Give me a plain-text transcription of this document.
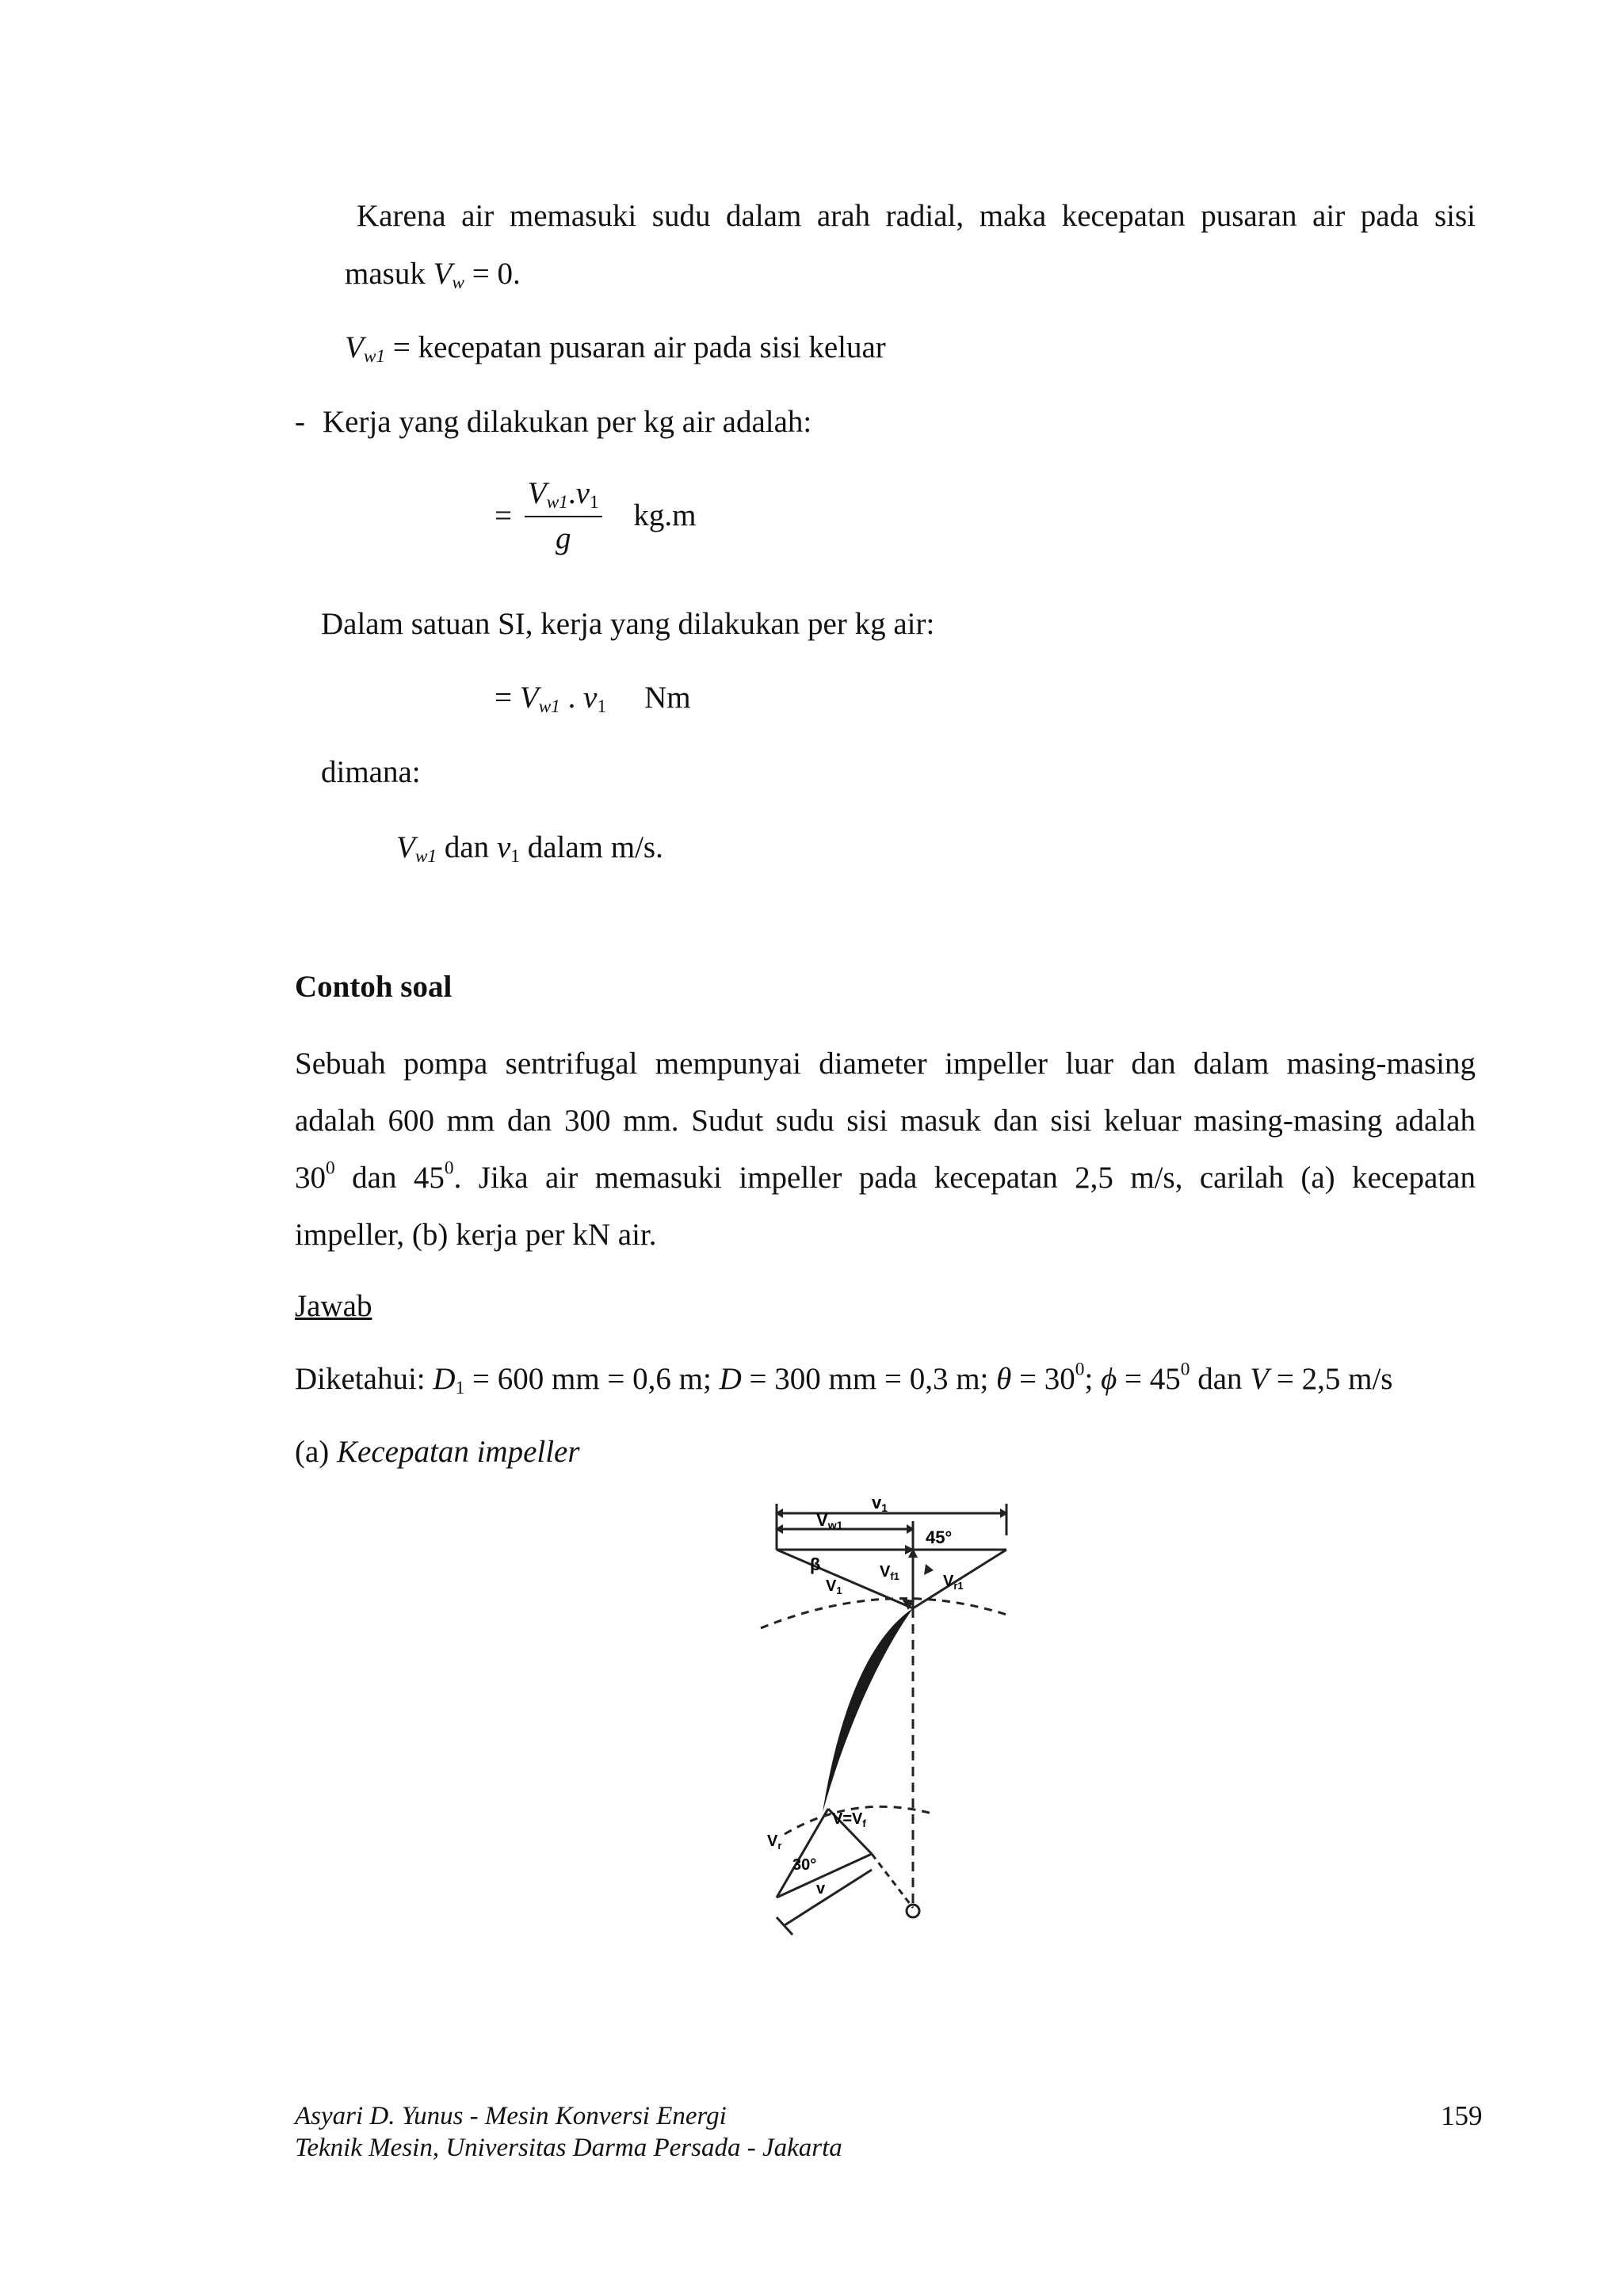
Karena air memasuki sudu dalam arah radial, maka kecepatan pusaran air pada sisi
masuk $V_w = 0$.
$V_{w1}$ = kecepatan pusaran air pada sisi keluar
- Kerja yang dilakukan per kg air adalah:
= $\frac{V_{w1}.v_1}{g} kg.m$
Dalam satuan SI, kerja yang dilakukan per kg air:
= $V_{w1}$ . $v_1$ Nm
dimana:
$V_{w1}$ dan $v_1$ dalam m/s.
Contoh soal
Sebuah pompa sentrifugal mempunyai diameter impeller luar dan dalam masing-masing
adalah 600 mm dan 300 mm. Sudut sudu sisi masuk dan sisi keluar masing-masing adalah
$30^0$ dan $45^0$. Jika air memasuki impeller pada kecepatan 2,5 m/s, carilah (a) kecepatan
impeller, (b) kerja per kN air.
Jawab
Diketahui: $D_1 = 600$ mm = 0,6 m; D = 300 mm = 0,3 m; $\theta = 30^0$; $\phi = 45^0$ dan V = 2,5 m/s
(a) Kecepatan impeller
v1
Vw1
45°
β	$V_{f1}$	$V_{r1}$
$V_1$
$V=V_f$
$V_r$
30°
v
Asyari D. Yunus - Mesin Konversi Energi
Teknik Mesin, Universitas Darma Persada - Jakarta
159
